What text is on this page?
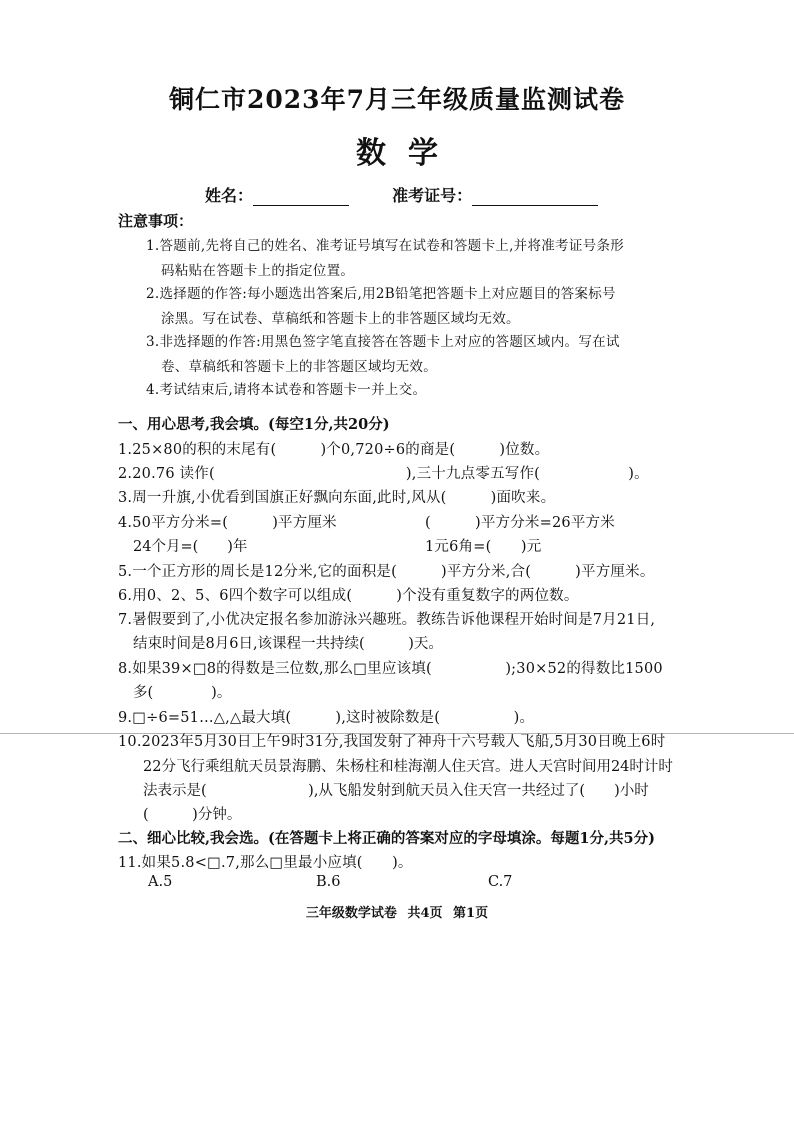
铜仁市2023年7月三年级质量监测试卷
数学
姓名：	准考证号：
注意事项：
1.答题前,先将自己的姓名、准考证号填写在试卷和答题卡上,并将准考证号条形
码粘贴在答题卡上的指定位置。
2.选择题的作答:每小题选出答案后,用2B铅笔把答题卡上对应题目的答案标号
涂黑。写在试卷、草稿纸和答题卡上的非答题区域均无效。
3.非选择题的作答:用黑色签字笔直接答在答题卡上对应的答题区域内。写在试
卷、草稿纸和答题卡上的非答题区域均无效。
4.考试结束后,请将本试卷和答题卡一并上交。
一、用心思考,我会填。(每空1分,共20分)
1.25×80的积的末尾有(　　　)个0,720÷6的商是(　　　)位数。
2.20.76 读作(　　　　　　　　　　　　　),三十九点零五写作(　　　　　　)。
3.周一升旗,小优看到国旗正好飘向东面,此时,风从(　　　)面吹来。
4.50平方分米=(　　　)平方厘米	(　　　)平方分米=26平方米
24个月=(　　)年	1元6角=(　　)元
5.一个正方形的周长是12分米,它的面积是(　　　)平方分米,合(　　　)平方厘米。
6.用0、2、5、6四个数字可以组成(　　　)个没有重复数字的两位数。
7.暑假要到了,小优决定报名参加游泳兴趣班。教练告诉他课程开始时间是7月21日,
结束时间是8月6日,该课程一共持续(　　　)天。
8.如果39×□8的得数是三位数,那么□里应该填(　　　　　);30×52的得数比1500
多(　　　　)。
9.□÷6=51…△,△最大填(　　　),这时被除数是(　　　　　)。
10.2023年5月30日上午9时31分,我国发射了神舟十六号载人飞船,5月30日晚上6时
22分飞行乘组航天员景海鹏、朱杨柱和桂海潮人住天宫。进人天宫时间用24时计时
法表示是(　　　　　　　),从飞船发射到航天员入住天宫一共经过了(　　)小时
(　　　)分钟。
二、细心比较,我会选。(在答题卡上将正确的答案对应的字母填涂。每题1分,共5分)
11.如果5.8<□.7,那么□里最小应填(　　)。
A.5	B.6	C.7
三年级数学试卷 共4页 第1页
